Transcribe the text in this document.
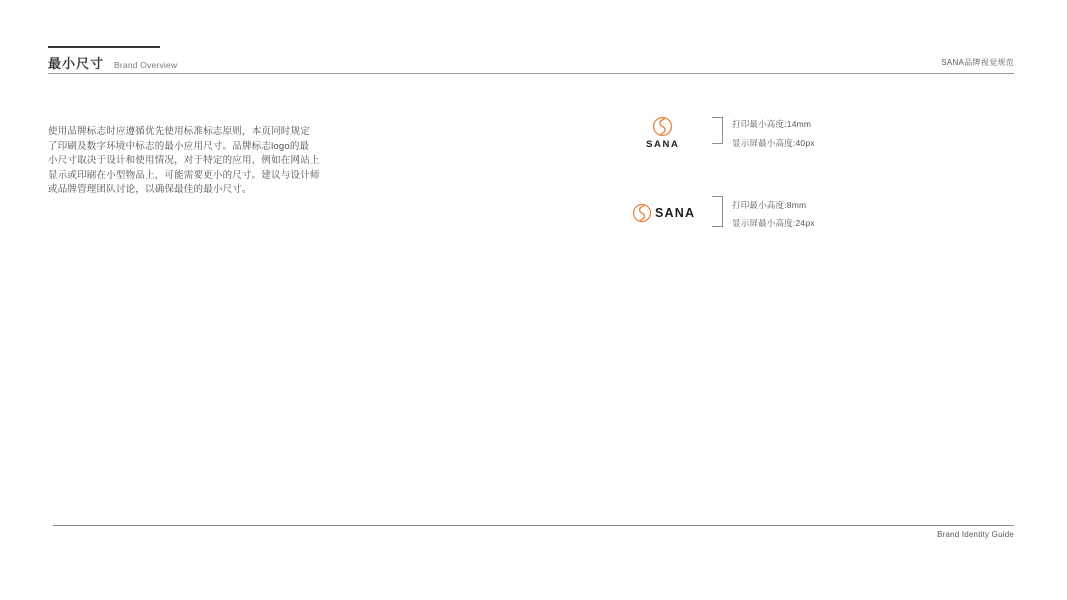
最小尺寸 Brand Overview	SANA品牌视觉规范
使用品牌标志时应遵循优先使用标准标志原则，本页同时规定
了印刷及数字环境中标志的最小应用尺寸。品牌标志logo的最
小尺寸取决于设计和使用情况，对于特定的应用，例如在网站上
显示或印刷在小型物品上，可能需要更小的尺寸。建议与设计师
或品牌管理团队讨论，以确保最佳的最小尺寸。
SANA
打印最小高度:14mm
显示屏最小高度:40px
SANA
打印最小高度:8mm
显示屏最小高度:24px
Brand Identity Guide
